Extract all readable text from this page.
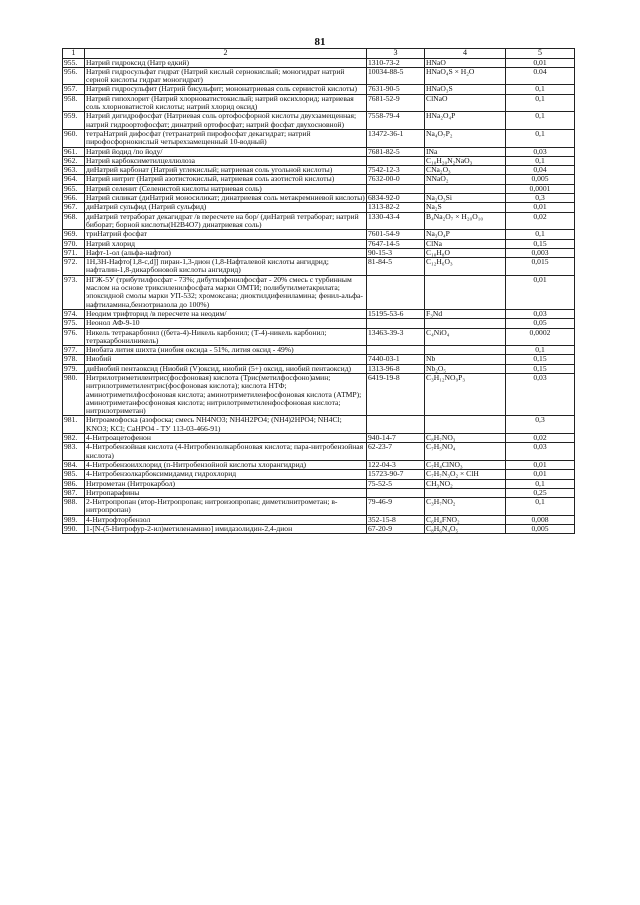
81
1	2	3	4	5
955.	Натрий гидроксид (Натр едкий)	1310-73-2	HNaO	0,01
956.	Натрий гидросульфат гидрат (Натрий кислый сернокислый; моногидрат натрий серной кислоты гидрат моногидрат)	10034-88-5	HNaO₄S × H₂O	0.04
957.	Натрий гидросульфит (Натрий бисульфит; мононатриевая соль сернистой кислоты)	7631-90-5	HNaO₃S	0,1
958.	Натрий гипохлорит (Натрий хлорноватистокислый; натрий оксихлорид; натриевая соль хлорноватистой кислоты; натрий хлорид оксид)	7681-52-9	ClNaO	0,1
959.	Натрий дигидрофосфат (Натриевая соль ортофосфорной кислоты двухзамещенная; натрий гидроортофосфат; динатрий ортофосфат; натрий фосфат двухосновной)	7558-79-4	HNa₂O₄P	0,1
960.	тетраНатрий дифосфат (тетранатрий пирофосфат декагидрат; натрий пирофосфорнокислый четырехзамещенный 10-водный)	13472-36-1	Na₄O₇P₂	0,1
961.	Натрий йодид /по йоду/	7681-82-5	INa	0,03
962.	Натрий карбоксиметилцеллюлоза		C₁₀H₂₀N₂NaO₃	0,1
963.	диНатрий карбонат (Натрий углекислый; натриевая соль угольной кислоты)	7542-12-3	CNa₂O₃	0,04
964.	Натрий нитрит (Натрий азотистокислый, натриевая соль азотистой кислоты)	7632-00-0	NNaO₂	0,005
965.	Натрий селенит (Селенистой кислоты натриевая соль)			0,0001
966.	Натрий силикат (диНатрий моносиликат; динатриевая соль метакремниевой кислоты)	6834-92-0	Na₂O₃Si	0,3
967.	диНатрий сульфид (Натрий сульфид)	1313-82-2	Na₂S	0,01
968.	диНатрий тетраборат декагидрат /в пересчете на бор/ (диНатрий тетраборат; натрий биборат; борной кислоты(Н2В4О7) динатриевая соль)	1330-43-4	B₄Na₂O₇ × H₂₀O₁₀	0,02
969.	триНатрий фосфат	7601-54-9	Na₃O₄P	0,1
970.	Натрий хлорид	7647-14-5	ClNa	0,15
971.	Нафт-1-ол (альфа-нафтол)	90-15-3	C₁₀H₈O	0,003
972.	1Н,3Н-Нафто[1,8-c,d]] пиран-1,3-дион (1,8-Нафталевой кислоты ангидрид; нафталин-1,8-дикарбоновой кислоты ангидрид)	81-84-5	C₁₂H₆O₃	0,015
973.	НГЖ-5У (трибутилфосфат - 73%; дибутилфенилфосфат - 20% смесь с турбинным маслом на основе триксиленилфосфата марки ОМТИ; полибутилметакрилата; эпоксидной смолы марки УП-532; хромоксана; диоктилдифениламина; фенил-альфа-нафтиламина,бензотриазола до 100%)			0,01
974.	Неодим трифторид /в пересчете на неодим/	15195-53-6	F₃Nd	0,03
975.	Неонол АФ-9-10			0,05
976.	Никель тетракарбонил ((бета-4)-Никель карбонил; (Т-4)-никель карбонил; тетракарбонилникель)	13463-39-3	C₄NiO₄	0,0002
977.	Ниобата лития шихта (ниобия оксида - 51%, лития оксид - 49%)			0,1
978.	Ниобий	7440-03-1	Nb	0,15
979.	диНиобий пентаоксид (Ниобий (V)оксид, ниобий (5+) оксид, ниобий пентаоксид)	1313-96-8	Nb₂O₅	0,15
980.	Нитрилотриметилентрис(фосфоновая) кислота (Трис(метилфосфоно)амин; нитрилотриметилентрис(фосфоновая кислота); кислота НТФ; аминотриметилфосфоновая кислота; аминотриметиленфосфоновая кислота (АТМР); аминотриметанфосфоновая кислота; нитрилотриметиленфосфоновая кислота; нитрилотриметан)	6419-19-8	C₃H₁₂NO₉P₃	0,03
981.	Нитроамофоска (азофоска; смесь NH4NO3; NH4H2PO4; (NH4)2HPO4; NH4Cl; KNO3; KCl; CaHPO4 - ТУ 113-03-466-91)			0,3
982.	4-Нитроацетофенон	940-14-7	C₈H₇NO₃	0,02
983.	4-Нитробензойная кислота (4-Нитробензолкарбоновая кислота; пара-нитробензойная кислота)	62-23-7	C₇H₅NO₄	0,03
984.	4-Нитробензоилхлорид (п-Нитробензойной кислоты хлорангидрид)	122-04-3	C₇H₄ClNO₃	0,01
985.	4-Нитробензолкарбоксимидамид гидрохлорид	15723-90-7	C₇H₇N₃O₂ × ClH	0,01
986.	Нитрометан (Нитрокарбол)	75-52-5	CH₃NO₂	0,1
987.	Нитропарафины			0,25
988.	2-Нитропропан (втор-Нитропропан; нитроизопропан; диметилнитрометан; в-нитропропан)	79-46-9	C₃H₇NO₂	0,1
989.	4-Нитрофторбензол	352-15-8	C₆H₄FNO₂	0,008
990.	1-[N-(5-Нитрофур-2-ил)метиленамино] имидазолидин-2,4-дион	67-20-9	C₈H₆N₄O₅	0,005
